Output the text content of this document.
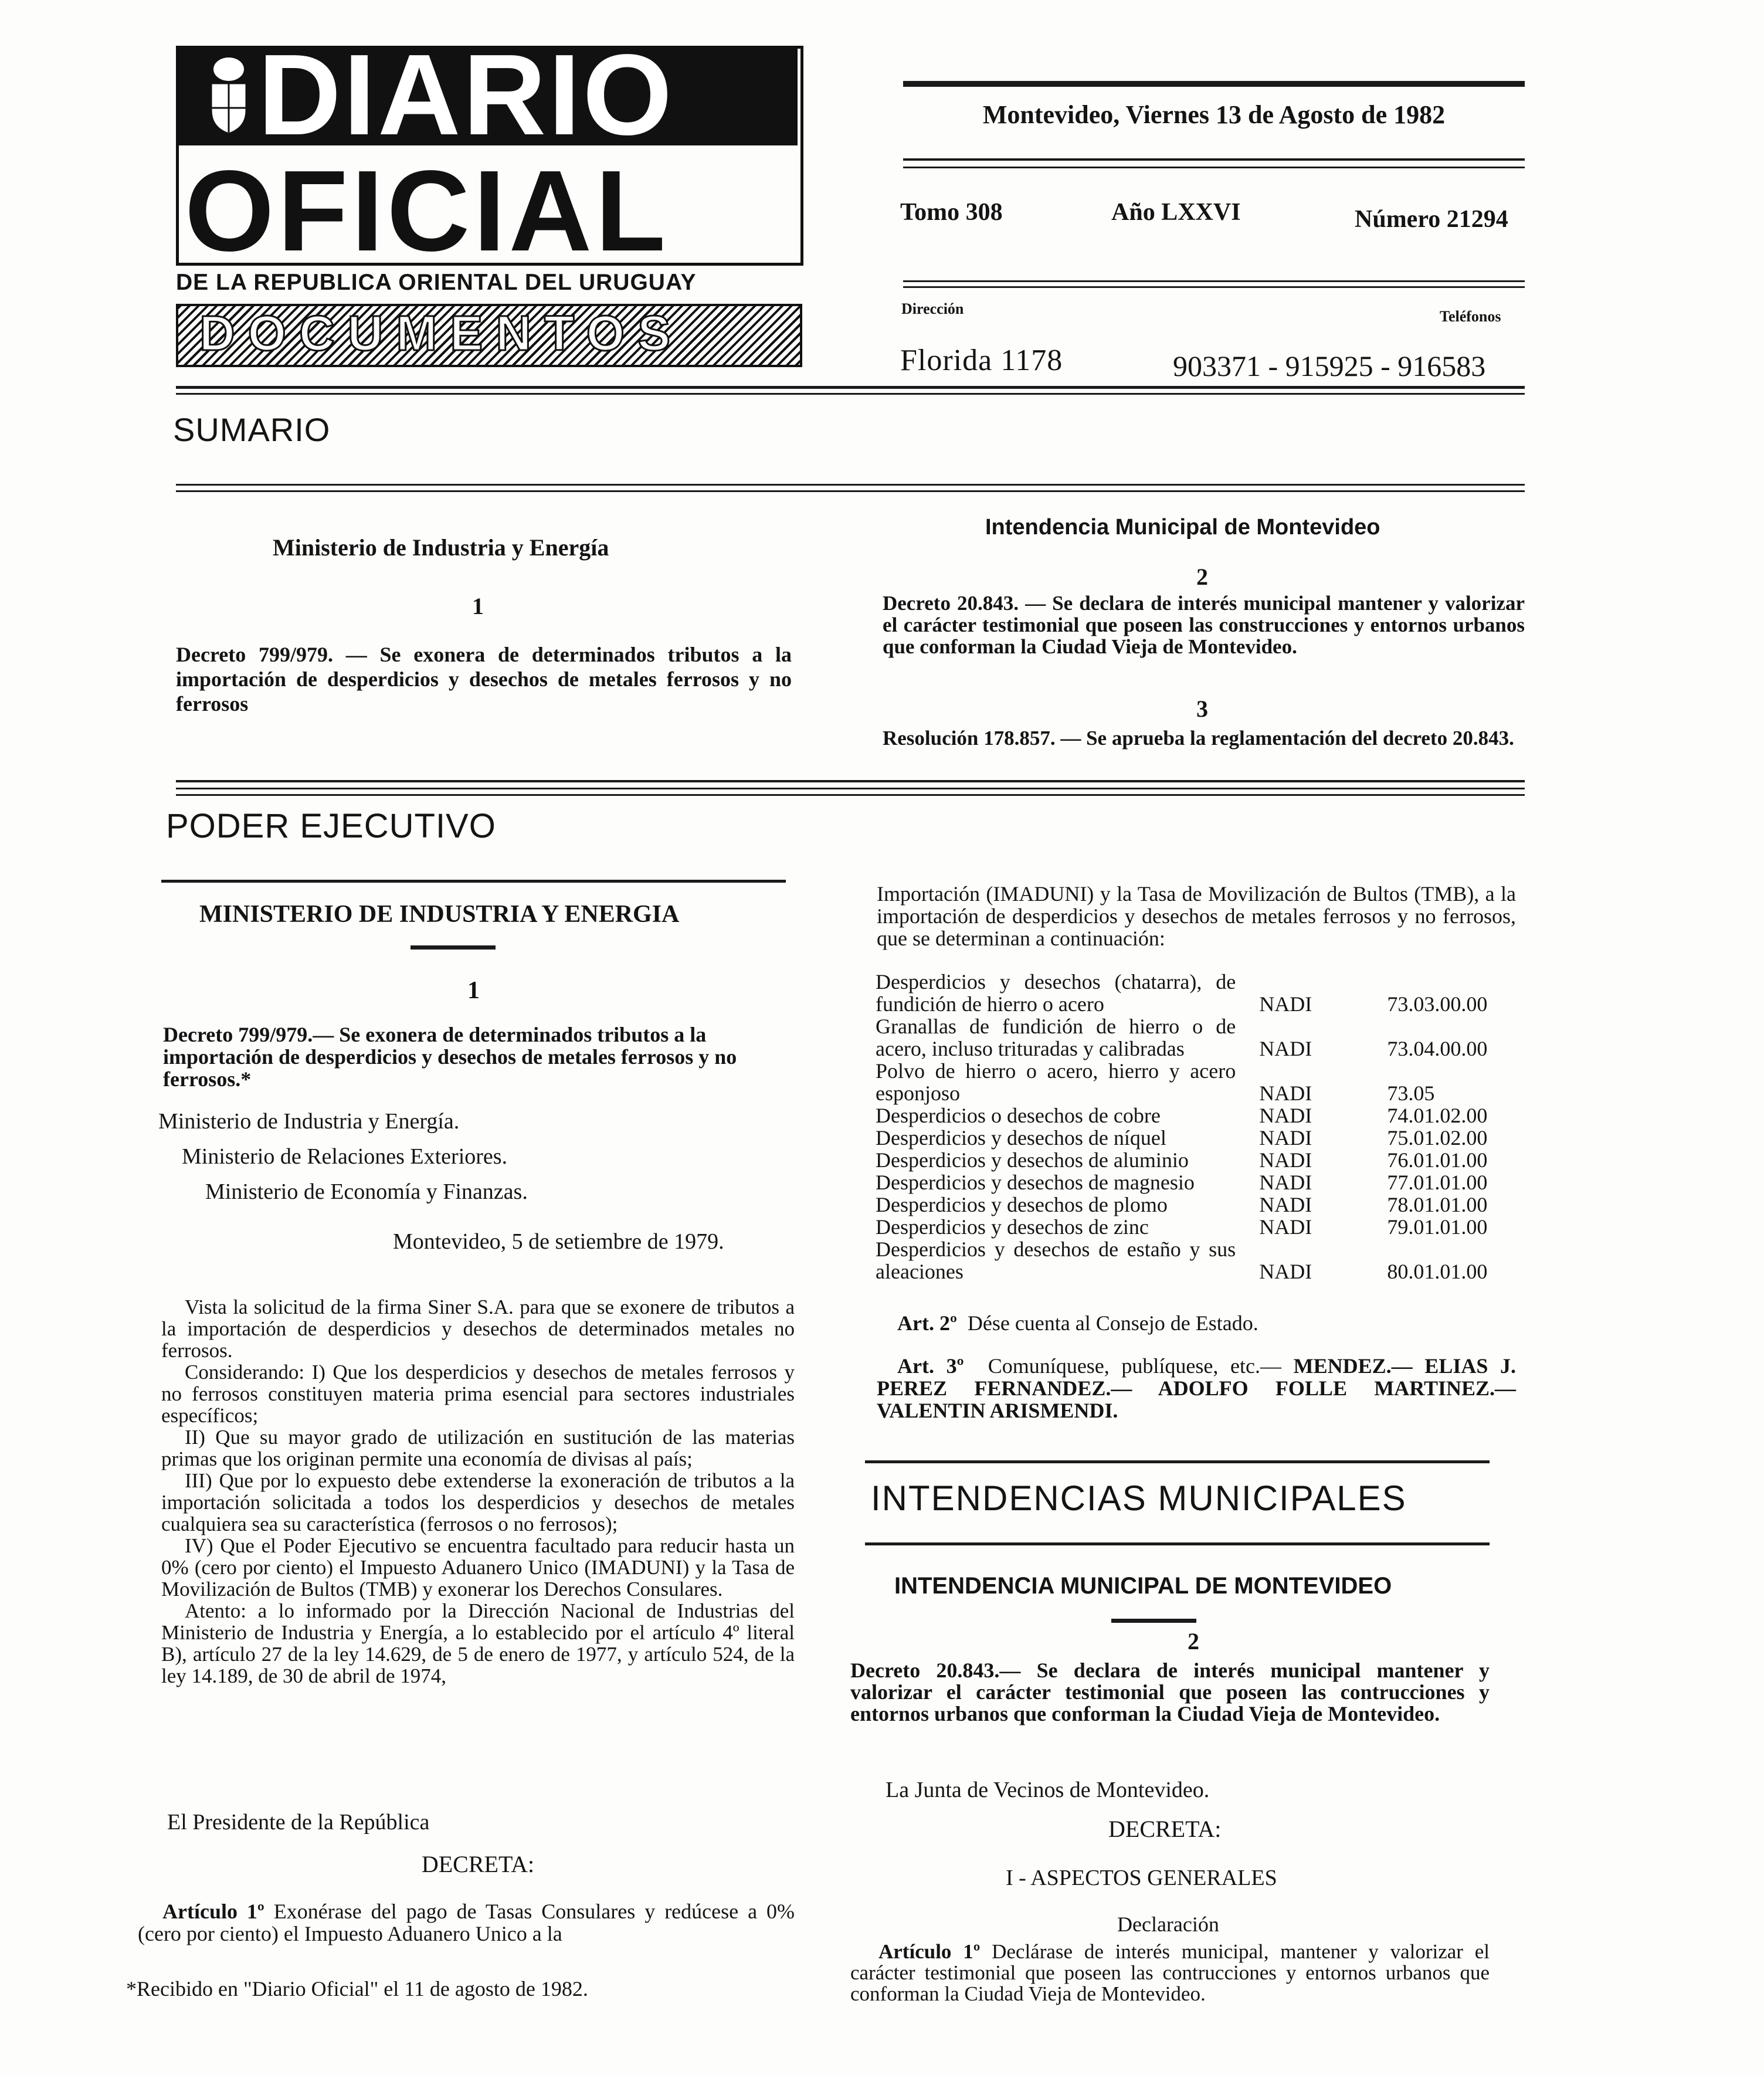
DIARIO
OFICIAL
DE LA REPUBLICA ORIENTAL DEL URUGUAY
DOCUMENTOS
Montevideo, Viernes 13 de Agosto de 1982
Tomo 308	Año LXXVI	Número 21294
Dirección	Teléfonos
Florida 1178	903371 - 915925 - 916583
SUMARIO
Ministerio de Industria y Energía
1
Decreto 799/979. — Se exonera de determinados tributos a la importación de desperdicios y desechos de metales ferrosos y no ferrosos
Intendencia Municipal de Montevideo
2
Decreto 20.843. — Se declara de interés municipal mantener y valorizar el carácter testimonial que poseen las construcciones y entornos urbanos que conforman la Ciudad Vieja de Montevideo.
3
Resolución 178.857. — Se aprueba la reglamentación del decreto 20.843.
PODER EJECUTIVO
MINISTERIO DE INDUSTRIA Y ENERGIA
1
Decreto 799/979.— Se exonera de determinados tributos a la importación de desperdicios y desechos de metales ferrosos y no ferrosos.*
Ministerio de Industria y Energía.
Ministerio de Relaciones Exteriores.
Ministerio de Economía y Finanzas.
Montevideo, 5 de setiembre de 1979.

Vista la solicitud de la firma Siner S.A. para que se exonere de tributos a la importación de desperdicios y desechos de determinados metales no ferrosos.

Considerando: I) Que los desperdicios y desechos de metales ferrosos y no ferrosos constituyen materia prima esencial para sectores industriales específicos;

II) Que su mayor grado de utilización en sustitución de las materias primas que los originan permite una economía de divisas al país;

III) Que por lo expuesto debe extenderse la exoneración de tributos a la importación solicitada a todos los desperdicios y desechos de metales cualquiera sea su característica (ferrosos o no ferrosos);

IV) Que el Poder Ejecutivo se encuentra facultado para reducir hasta un 0% (cero por ciento) el Impuesto Aduanero Unico (IMADUNI) y la Tasa de Movilización de Bultos (TMB) y exonerar los Derechos Consulares.

Atento: a lo informado por la Dirección Nacional de Industrias del Ministerio de Industria y Energía, a lo establecido por el artículo 4º literal B), artículo 27 de la ley 14.629, de 5 de enero de 1977, y artículo 524, de la ley 14.189, de 30 de abril de 1974,

El Presidente de la República
DECRETA:
Artículo 1º Exonérase del pago de Tasas Consulares y redúcese a 0% (cero por ciento) el Impuesto Aduanero Unico a la
*Recibido en "Diario Oficial" el 11 de agosto de 1982.
Importación (IMADUNI) y la Tasa de Movilización de Bultos (TMB), a la importación de desperdicios y desechos de metales ferrosos y no ferrosos, que se determinan a continuación:
Desperdicios y desechos (chatarra), de fundición de hierro o acero	NADI	73.03.00.00
Granallas de fundición de hierro o de acero, incluso trituradas y calibradas	NADI	73.04.00.00
Polvo de hierro o acero, hierro y acero esponjoso	NADI	73.05
Desperdicios o desechos de cobre	NADI	74.01.02.00
Desperdicios y desechos de níquel	NADI	75.01.02.00
Desperdicios y desechos de aluminio	NADI	76.01.01.00
Desperdicios y desechos de magnesio	NADI	77.01.01.00
Desperdicios y desechos de plomo	NADI	78.01.01.00
Desperdicios y desechos de zinc	NADI	79.01.01.00
Desperdicios y desechos de estaño y sus aleaciones	NADI	80.01.01.00
Art. 2º Dése cuenta al Consejo de Estado.
Art. 3º Comuníquese, publíquese, etc.— MENDEZ.— ELIAS J. PEREZ FERNANDEZ.— ADOLFO FOLLE MARTINEZ.— VALENTIN ARISMENDI.
INTENDENCIAS MUNICIPALES
INTENDENCIA MUNICIPAL DE MONTEVIDEO
2
Decreto 20.843.— Se declara de interés municipal mantener y valorizar el carácter testimonial que poseen las contrucciones y entornos urbanos que conforman la Ciudad Vieja de Montevideo.
La Junta de Vecinos de Montevideo.
DECRETA:
I - ASPECTOS GENERALES
Declaración
Artículo 1º Declárase de interés municipal, mantener y valorizar el carácter testimonial que poseen las contrucciones y entornos urbanos que conforman la Ciudad Vieja de Montevideo.
